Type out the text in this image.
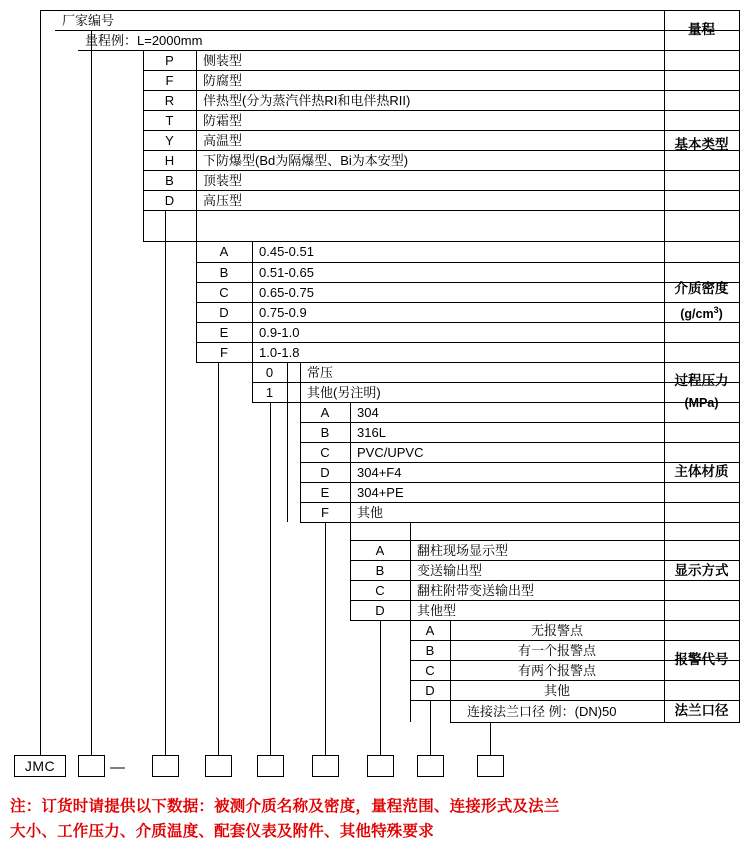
厂家编号
量程例：L=2000mm
P	侧装型
F	防腐型
R	伴热型(分为蒸汽伴热RI和电伴热RII)
T	防霜型
Y	高温型
H	下防爆型(Bd为隔爆型、Bi为本安型)
B	顶装型
D	高压型
A	0.45-0.51
B	0.51-0.65
C	0.65-0.75
D	0.75-0.9
E	0.9-1.0
F	1.0-1.8
0	常压
1	其他(另注明)
A	304
B	316L
C	PVC/UPVC
D	304+F4
E	304+PE
F	其他
A	翻柱现场显示型
B	变送输出型
C	翻柱附带变送输出型
D	其他型
A	无报警点
B	有一个报警点
C	有两个报警点
D	其他
连接法兰口径 例：(DN)50
量程
基本类型
介质密度
$(g/cm^3)$
过程压力
(MPa)
主体材质
显示方式
报警代号
法兰口径
JMC	—
注：订货时请提供以下数据：被测介质名称及密度，量程范围、连接形式及法兰
大小、工作压力、介质温度、配套仪表及附件、其他特殊要求
